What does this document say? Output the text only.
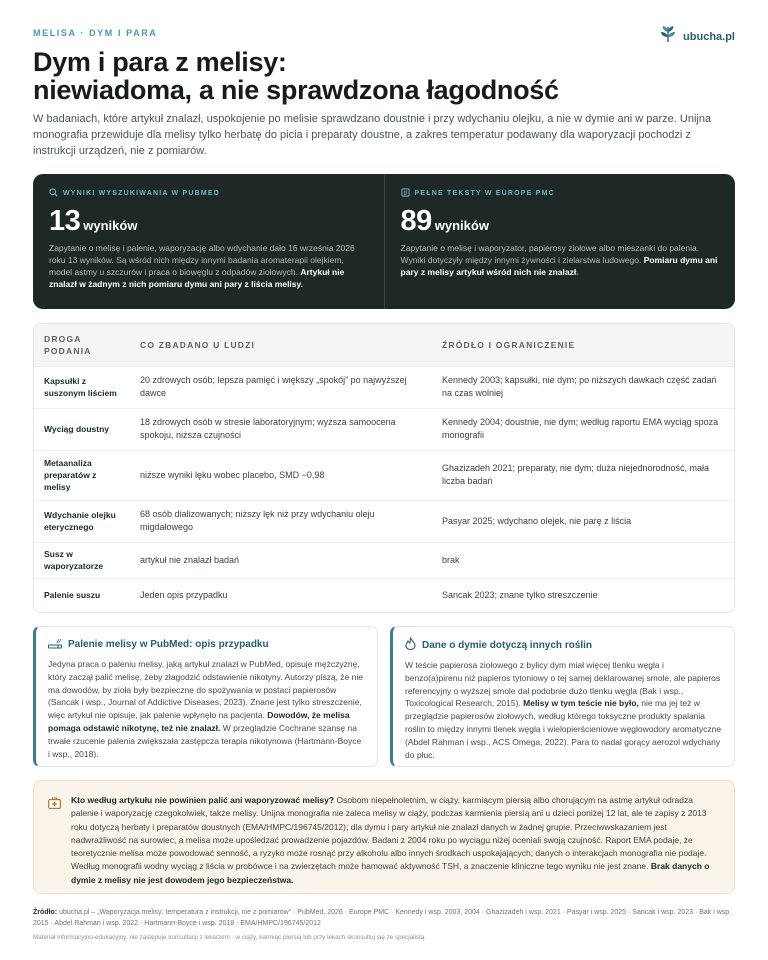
MELISA · DYM I PARA	ubucha.pl
Dym i para z melisy:
niewiadoma, a nie sprawdzona łagodność

W badaniach, które artykuł znalazł, uspokojenie po melisie sprawdzano doustnie i przy wdychaniu olejku, a nie w dymie ani w parze. Unijna monografia przewiduje dla melisy tylko herbatę do picia i preparaty doustne, a zakres temperatur podawany dla waporyzacji pochodzi z instrukcji urządzeń, nie z pomiarów.

WYNIKI WYSZUKIWANIA W PUBMED
13 wyników

Zapytanie o melisę i palenie, waporyzację albo wdychanie dało 16 września 2026 roku 13 wyników. Są wśród nich między innymi badania aromaterapii olejkiem, model astmy u szczurów i praca o biowęglu z odpadów ziołowych. Artykuł nie znalazł w żadnym z nich pomiaru dymu ani pary z liścia melisy.

PEŁNE TEKSTY W EUROPE PMC
89 wyników

Zapytanie o melisę i waporyzator, papierosy ziołowe albo mieszanki do palenia. Wyniki dotyczyły między innymi żywności i zielarstwa ludowego. Pomiaru dymu ani pary z melisy artykuł wśród nich nie znalazł.

DROGA PODANIA	CO ZBADANO U LUDZI	ŹRÓDŁO I OGRANICZENIE
Kapsułki z suszonym liściem	20 zdrowych osób; lepsza pamięć i większy „spokój” po najwyższej dawce	Kennedy 2003; kapsułki, nie dym; po niższych dawkach część zadań na czas wolniej
Wyciąg doustny	18 zdrowych osób w stresie laboratoryjnym; wyższa samoocena spokoju, niższa czujności	Kennedy 2004; doustnie, nie dym; według raportu EMA wyciąg spoza monografii
Metaanaliza preparatów z melisy	niższe wyniki lęku wobec placebo, SMD −0,98	Ghazizadeh 2021; preparaty, nie dym; duża niejednorodność, mała liczba badań
Wdychanie olejku eterycznego	68 osób dializowanych; niższy lęk niż przy wdychaniu oleju migdałowego	Pasyar 2025; wdychano olejek, nie parę z liścia
Susz w waporyzatorze	artykuł nie znalazł badań	brak
Palenie suszu	Jeden opis przypadku	Sancak 2023; znane tylko streszczenie
Palenie melisy w PubMed: opis przypadku

Jedyna praca o paleniu melisy, jaką artykuł znalazł w PubMed, opisuje mężczyznę, który zaczął palić melisę, żeby złagodzić odstawienie nikotyny. Autorzy piszą, że nie ma dowodów, by zioła były bezpieczne do spożywania w postaci papierosów (Sancak i wsp., Journal of Addictive Diseases, 2023). Znane jest tylko streszczenie, więc artykuł nie opisuje, jak palenie wpłynęło na pacjenta. Dowodów, że melisa pomaga odstawić nikotynę, też nie znalazł. W przeglądzie Cochrane szansę na trwałe rzucenie palenia zwiększała zastępcza terapia nikotynowa (Hartmann-Boyce i wsp., 2018).

Dane o dymie dotyczą innych roślin

W teście papierosa ziołowego z bylicy dym miał więcej tlenku węgla i benzo(a)pirenu niż papieros tytoniowy o tej samej deklarowanej smole, ale papieros referencyjny o wyższej smole dał podobnie dużo tlenku węgla (Bak i wsp., Toxicological Research, 2015). Melisy w tym teście nie było, nie ma jej też w przeglądzie papierosów ziołowych, według którego toksyczne produkty spalania roślin to między innymi tlenek węgla i wielopierścieniowe węglowodory aromatyczne (Abdel Rahman i wsp., ACS Omega, 2022). Para to nadal gorący aerozol wdychany do płuc.

Kto według artykułu nie powinien palić ani waporyzować melisy? Osobom niepełnoletnim, w ciąży, karmiącym piersią albo chorującym na astmę artykuł odradza palenie i waporyzację czegokolwiek, także melisy. Unijna monografia nie zaleca melisy w ciąży, podczas karmienia piersią ani u dzieci poniżej 12 lat, ale te zapisy z 2013 roku dotyczą herbaty i preparatów doustnych (EMA/HMPC/196745/2012); dla dymu i pary artykuł nie znalazł danych w żadnej grupie. Przeciwwskazaniem jest nadwrażliwość na surowiec, a melisa może upośledzać prowadzenie pojazdów. Badani z 2004 roku po wyciągu niżej oceniali swoją czujność. Raport EMA podaje, że teoretycznie melisa może powodować senność, a ryzyko może rosnąć przy alkoholu albo innych środkach uspokajających; danych o interakcjach monografia nie podaje. Według monografii wodny wyciąg z liścia w probówce i na zwierzętach może hamować aktywność TSH, a znaczenie kliniczne tego wyniku nie jest znane. Brak danych o dymie z melisy nie jest dowodem jego bezpieczeństwa.

Źródło: ubucha.pl – „Waporyzacja melisy: temperatura z instrukcji, nie z pomiarów” · PubMed, 2026 · Europe PMC · Kennedy i wsp. 2003, 2004 · Ghazizadeh i wsp. 2021 · Pasyar i wsp. 2025 · Sancak i wsp. 2023 · Bak i wsp. 2015 · Abdel Rahman i wsp. 2022 · Hartmann-Boyce i wsp. 2018 · EMA/HMPC/196745/2012

Materiał informacyjno-edukacyjny, nie zastępuje konsultacji z lekarzem · w ciąży, karmiąc piersią lub przy lekach skonsultuj się ze specjalistą.
